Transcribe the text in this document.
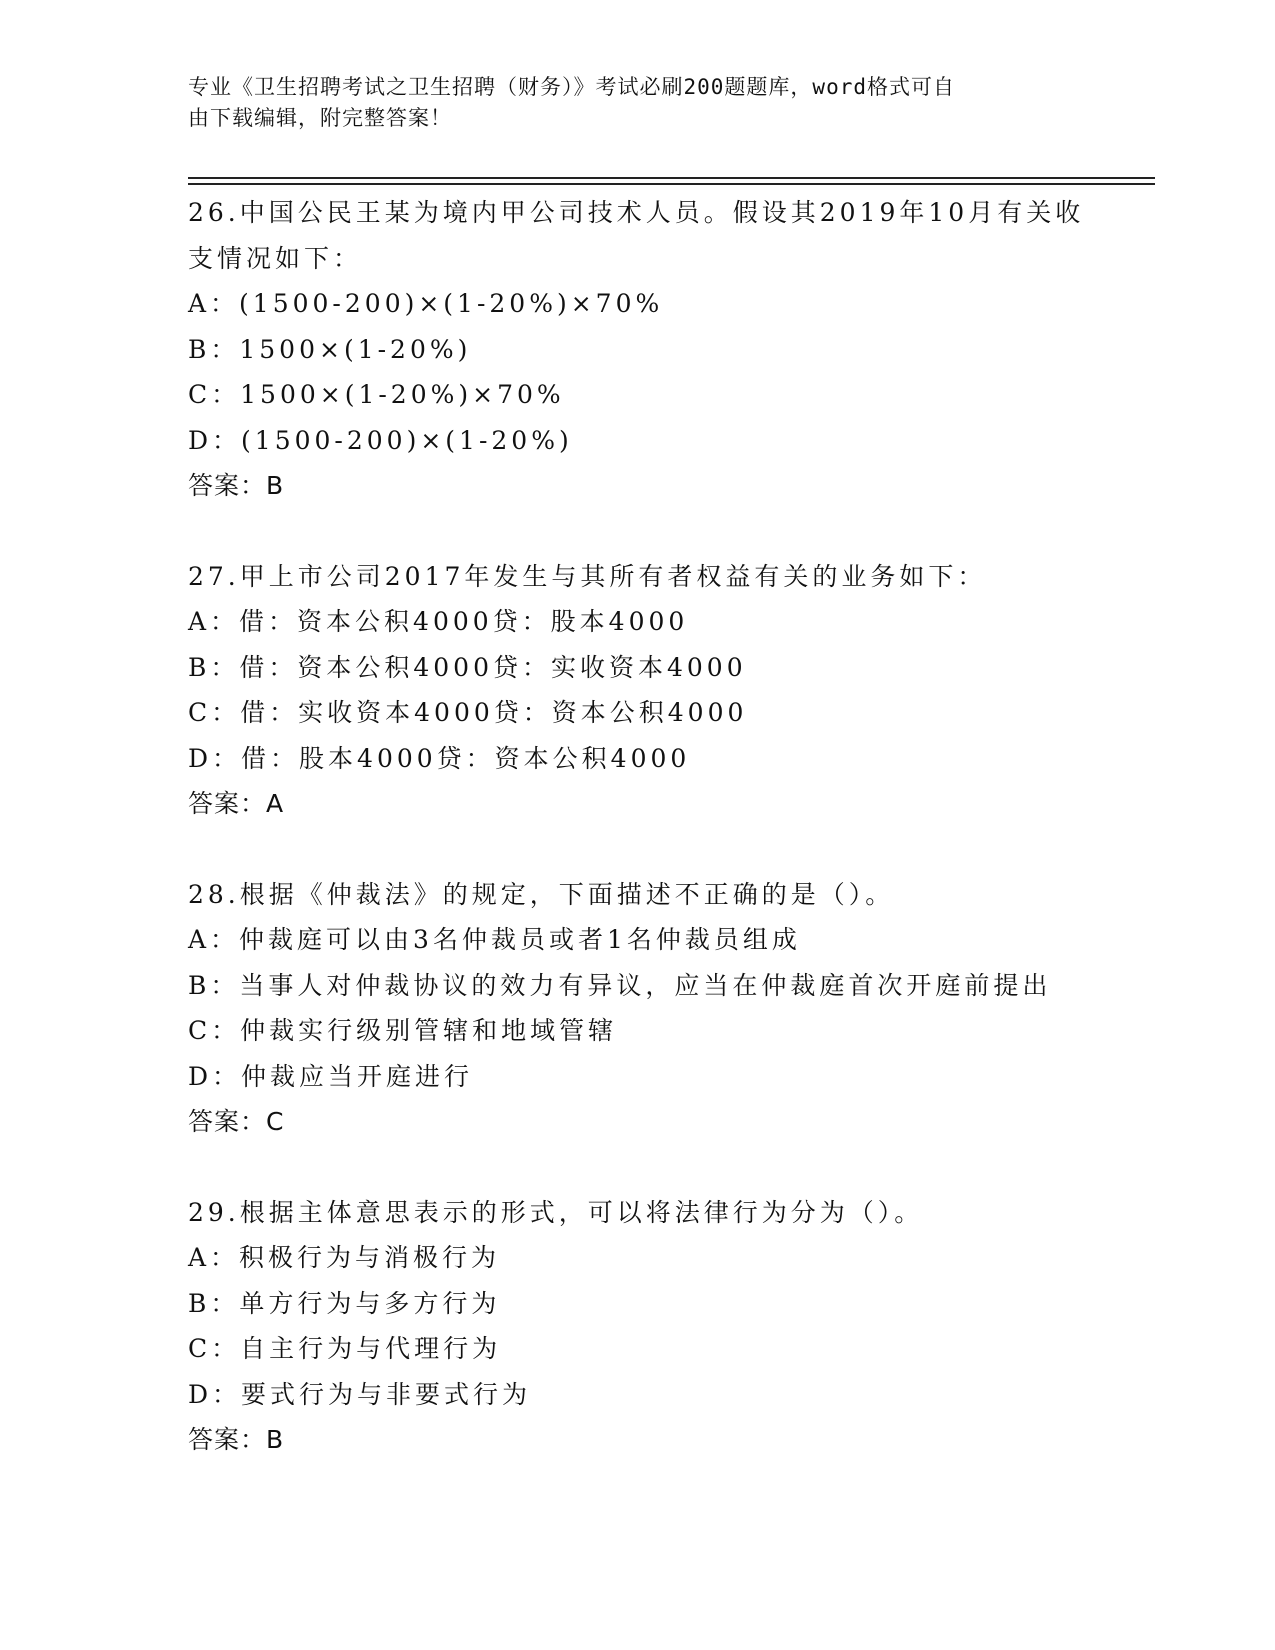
专业《卫生招聘考试之卫生招聘（财务）》考试必刷200题题库，word格式可自
由下载编辑，附完整答案！
26.中国公民王某为境内甲公司技术人员。假设其2019年10月有关收
支情况如下：
A：(1500-200)×(1-20%)×70%
B：1500×(1-20%)
C：1500×(1-20%)×70%
D：(1500-200)×(1-20%)
答案：B
27.甲上市公司2017年发生与其所有者权益有关的业务如下：
A：借：资本公积4000贷：股本4000
B：借：资本公积4000贷：实收资本4000
C：借：实收资本4000贷：资本公积4000
D：借：股本4000贷：资本公积4000
答案：A
28.根据《仲裁法》的规定，下面描述不正确的是（）。
A：仲裁庭可以由3名仲裁员或者1名仲裁员组成
B：当事人对仲裁协议的效力有异议，应当在仲裁庭首次开庭前提出
C：仲裁实行级别管辖和地域管辖
D：仲裁应当开庭进行
答案：C
29.根据主体意思表示的形式，可以将法律行为分为（）。
A：积极行为与消极行为
B：单方行为与多方行为
C：自主行为与代理行为
D：要式行为与非要式行为
答案：B
